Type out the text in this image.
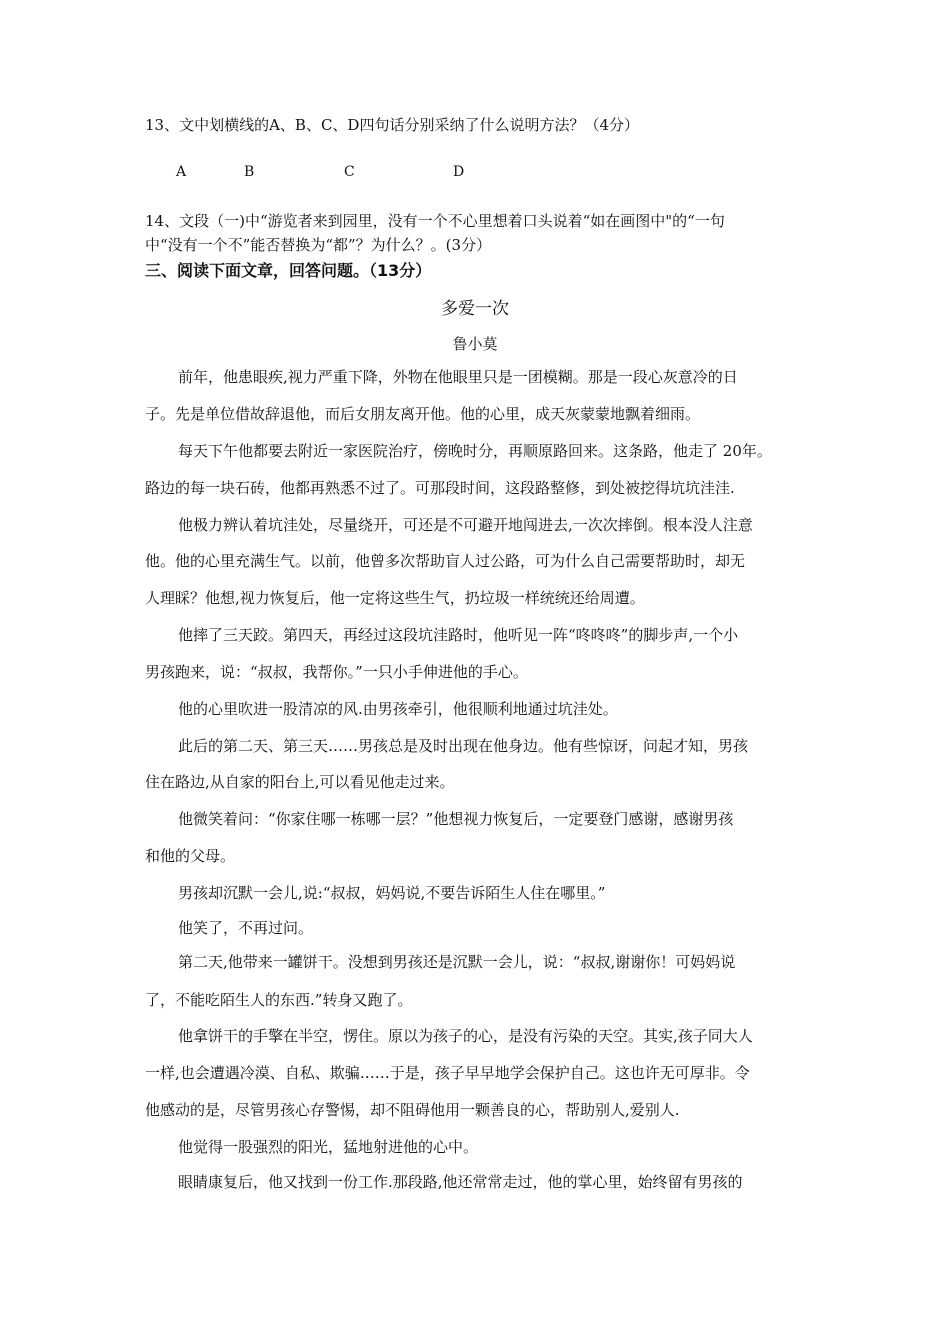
13、文中划横线的A、B、C、D四句话分别采纳了什么说明方法？（4分）
A	B	C	D
14、文段（一)中“游览者来到园里，没有一个不心里想着口头说着“如在画图中"的“一句
中“没有一个不”能否替换为“都”？为什么？。(3分）
三、阅读下面文章，回答问题。（13分）
多爱一次
鲁小莫
前年，他患眼疾,视力严重下降，外物在他眼里只是一团模糊。那是一段心灰意冷的日
子。先是单位借故辞退他，而后女朋友离开他。他的心里，成天灰蒙蒙地飘着细雨。
每天下午他都要去附近一家医院治疗，傍晚时分，再顺原路回来。这条路，他走了 20年。
路边的每一块石砖，他都再熟悉不过了。可那段时间，这段路整修，到处被挖得坑坑洼洼.
他极力辨认着坑洼处，尽量绕开，可还是不可避开地闯进去,一次次摔倒。根本没人注意
他。他的心里充满生气。以前，他曾多次帮助盲人过公路，可为什么自己需要帮助时，却无
人理睬？他想,视力恢复后，他一定将这些生气，扔垃圾一样统统还给周遭。
他摔了三天跤。第四天，再经过这段坑洼路时，他听见一阵“咚咚咚”的脚步声,一个小
男孩跑来，说：“叔叔，我帮你。”一只小手伸进他的手心。
他的心里吹进一股清凉的风.由男孩牵引，他很顺利地通过坑洼处。
此后的第二天、第三天……男孩总是及时出现在他身边。他有些惊讶，问起才知，男孩
住在路边,从自家的阳台上,可以看见他走过来。
他微笑着问：“你家住哪一栋哪一层？”他想视力恢复后，一定要登门感谢，感谢男孩
和他的父母。
男孩却沉默一会儿,说:“叔叔，妈妈说,不要告诉陌生人住在哪里。”
他笑了，不再过问。
第二天,他带来一罐饼干。没想到男孩还是沉默一会儿，说：“叔叔,谢谢你！可妈妈说
了，不能吃陌生人的东西.”转身又跑了。
他拿饼干的手擎在半空，愣住。原以为孩子的心，是没有污染的天空。其实,孩子同大人
一样,也会遭遇冷漠、自私、欺骗……于是，孩子早早地学会保护自己。这也许无可厚非。令
他感动的是，尽管男孩心存警惕，却不阻碍他用一颗善良的心，帮助别人,爱别人.
他觉得一股强烈的阳光，猛地射进他的心中。
眼睛康复后，他又找到一份工作.那段路,他还常常走过，他的掌心里，始终留有男孩的
